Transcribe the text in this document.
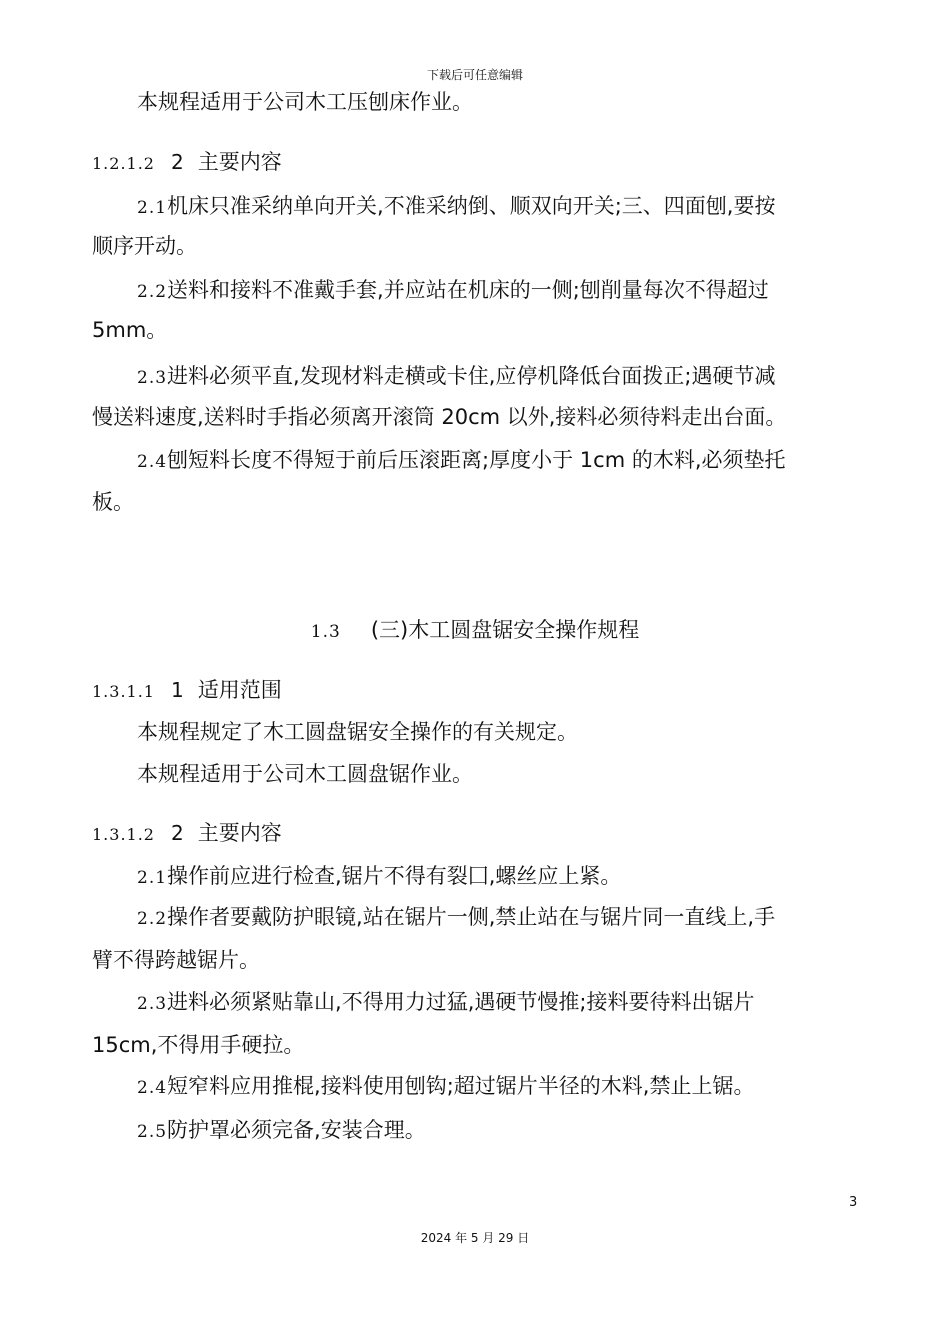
下载后可任意编辑
本规程适用于公司木工压刨床作业。
1.2.1.2 2 主要内容
2.1机床只准采纳单向开关,不准采纳倒、顺双向开关;三、四面刨,要按
顺序开动。
2.2送料和接料不准戴手套,并应站在机床的一侧;刨削量每次不得超过
5mm。
2.3进料必须平直,发现材料走横或卡住,应停机降低台面拨正;遇硬节减
慢送料速度,送料时手指必须离开滚筒 20cm 以外,接料必须待料走出台面。
2.4刨短料长度不得短于前后压滚距离;厚度小于 1cm 的木料,必须垫托
板。
1.3 (三)木工圆盘锯安全操作规程
1.3.1.1 1 适用范围
本规程规定了木工圆盘锯安全操作的有关规定。
本规程适用于公司木工圆盘锯作业。
1.3.1.2 2 主要内容
2.1操作前应进行检查,锯片不得有裂囗,螺丝应上紧。
2.2操作者要戴防护眼镜,站在锯片一侧,禁止站在与锯片同一直线上,手
臂不得跨越锯片。
2.3进料必须紧贴靠山,不得用力过猛,遇硬节慢推;接料要待料出锯片
15cm,不得用手硬拉。
2.4短窄料应用推棍,接料使用刨钩;超过锯片半径的木料,禁止上锯。
2.5防护罩必须完备,安装合理。
3
2024 年 5 月 29 日
